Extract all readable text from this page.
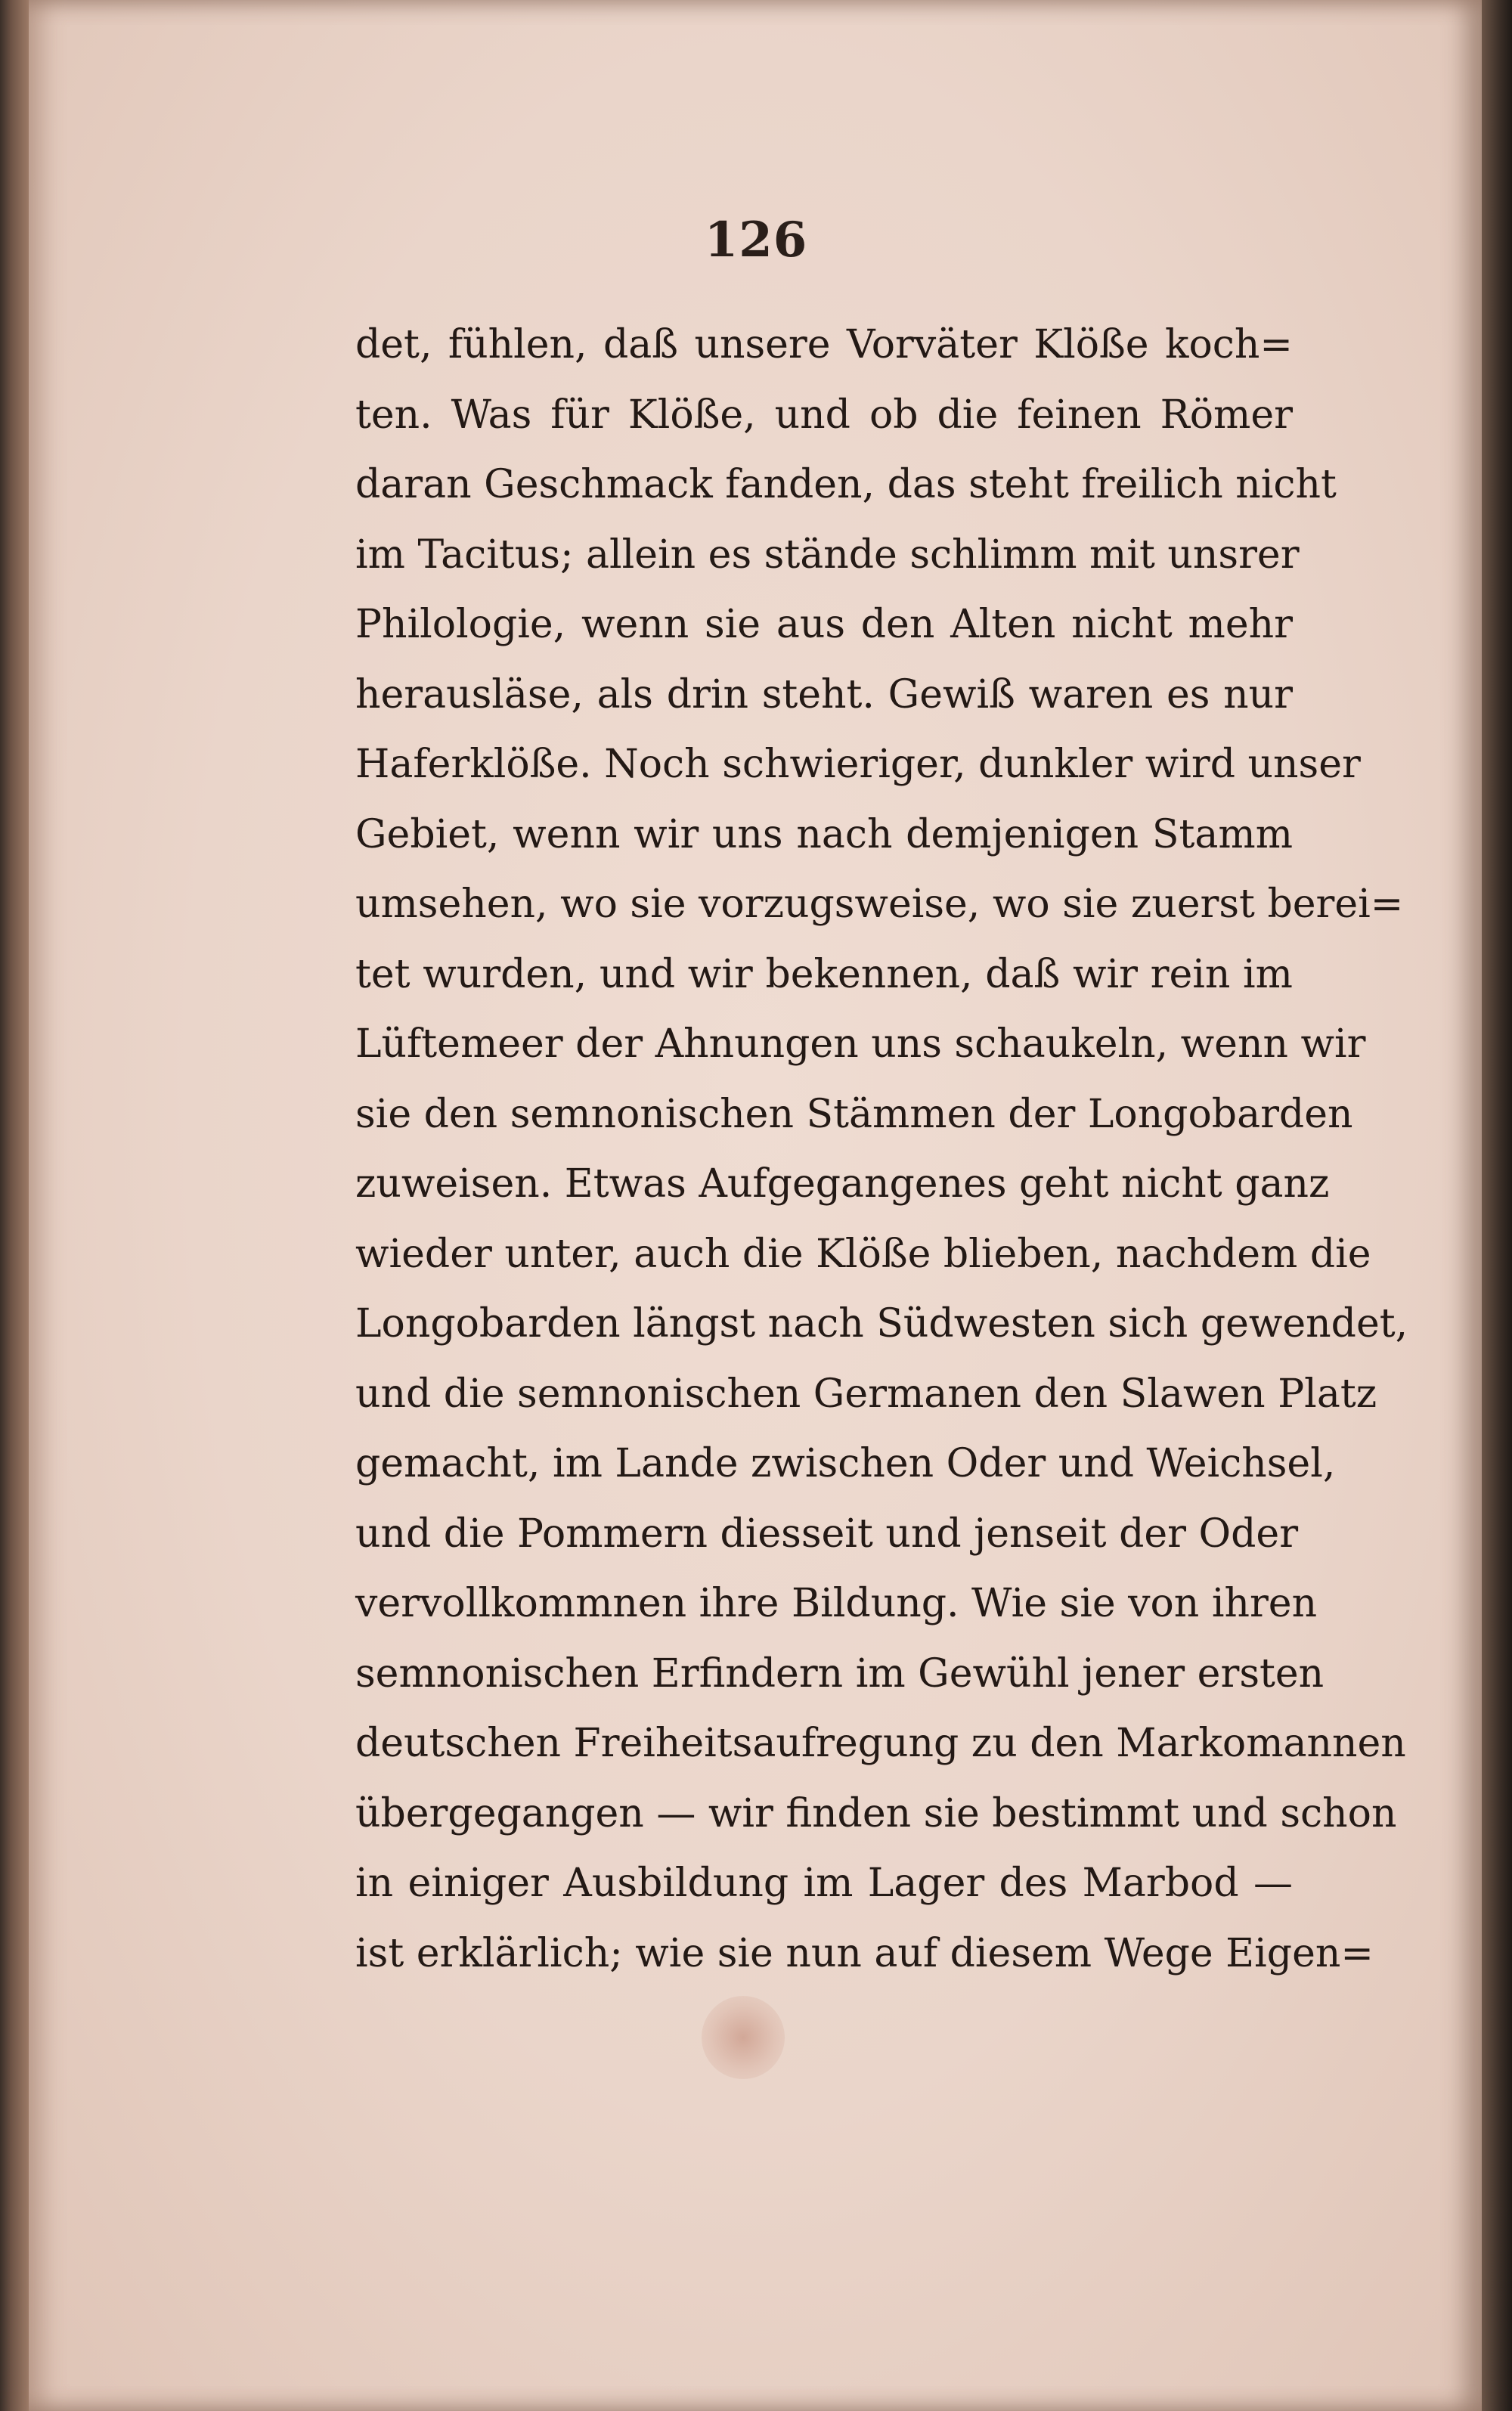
126
det, fühlen, daß unsere Vorväter Klöße koch=
ten. Was für Klöße, und ob die feinen Römer
daran Geschmack fanden, das steht freilich nicht
im Tacitus; allein es stände schlimm mit unsrer
Philologie, wenn sie aus den Alten nicht mehr
herausläse, als drin steht. Gewiß waren es nur
Haferklöße. Noch schwieriger, dunkler wird unser
Gebiet, wenn wir uns nach demjenigen Stamm
umsehen, wo sie vorzugsweise, wo sie zuerst berei=
tet wurden, und wir bekennen, daß wir rein im
Lüftemeer der Ahnungen uns schaukeln, wenn wir
sie den semnonischen Stämmen der Longobarden
zuweisen. Etwas Aufgegangenes geht nicht ganz
wieder unter, auch die Klöße blieben, nachdem die
Longobarden längst nach Südwesten sich gewendet,
und die semnonischen Germanen den Slawen Platz
gemacht, im Lande zwischen Oder und Weichsel,
und die Pommern diesseit und jenseit der Oder
vervollkommnen ihre Bildung. Wie sie von ihren
semnonischen Erfindern im Gewühl jener ersten
deutschen Freiheitsaufregung zu den Markomannen
übergegangen — wir finden sie bestimmt und schon
in einiger Ausbildung im Lager des Marbod —
ist erklärlich; wie sie nun auf diesem Wege Eigen=
